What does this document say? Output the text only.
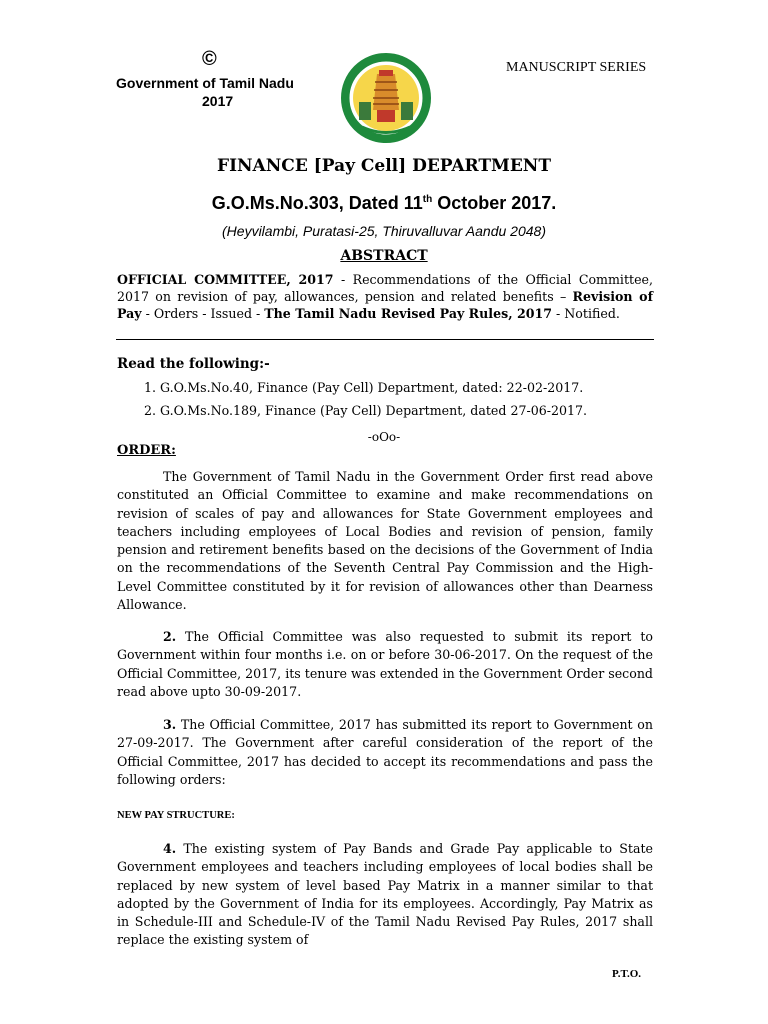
©
Government of Tamil Nadu
2017
MANUSCRIPT SERIES
FINANCE [Pay Cell] DEPARTMENT
G.O.Ms.No.303, Dated 11th October 2017.
(Heyvilambi, Puratasi-25, Thiruvalluvar Aandu 2048)
ABSTRACT
OFFICIAL COMMITTEE, 2017 - Recommendations of the Official Committee, 2017 on revision of pay, allowances, pension and related benefits – Revision of Pay - Orders - Issued - The Tamil Nadu Revised Pay Rules, 2017 - Notified.
Read the following:-
1. G.O.Ms.No.40, Finance (Pay Cell) Department, dated: 22-02-2017.
2. G.O.Ms.No.189, Finance (Pay Cell) Department, dated 27-06-2017.
-oOo-
ORDER:

The Government of Tamil Nadu in the Government Order first read above constituted an Official Committee to examine and make recommendations on revision of scales of pay and allowances for State Government employees and teachers including employees of Local Bodies and revision of pension, family pension and retirement benefits based on the decisions of the Government of India on the recommendations of the Seventh Central Pay Commission and the High-Level Committee constituted by it for revision of allowances other than Dearness Allowance.

2. The Official Committee was also requested to submit its report to Government within four months i.e. on or before 30-06-2017. On the request of the Official Committee, 2017, its tenure was extended in the Government Order second read above upto 30-09-2017.

3. The Official Committee, 2017 has submitted its report to Government on 27-09-2017. The Government after careful consideration of the report of the Official Committee, 2017 has decided to accept its recommendations and pass the following orders:

NEW PAY STRUCTURE:

4. The existing system of Pay Bands and Grade Pay applicable to State Government employees and teachers including employees of local bodies shall be replaced by new system of level based Pay Matrix in a manner similar to that adopted by the Government of India for its employees. Accordingly, Pay Matrix as in Schedule-III and Schedule-IV of the Tamil Nadu Revised Pay Rules, 2017 shall replace the existing system of

P.T.O.
